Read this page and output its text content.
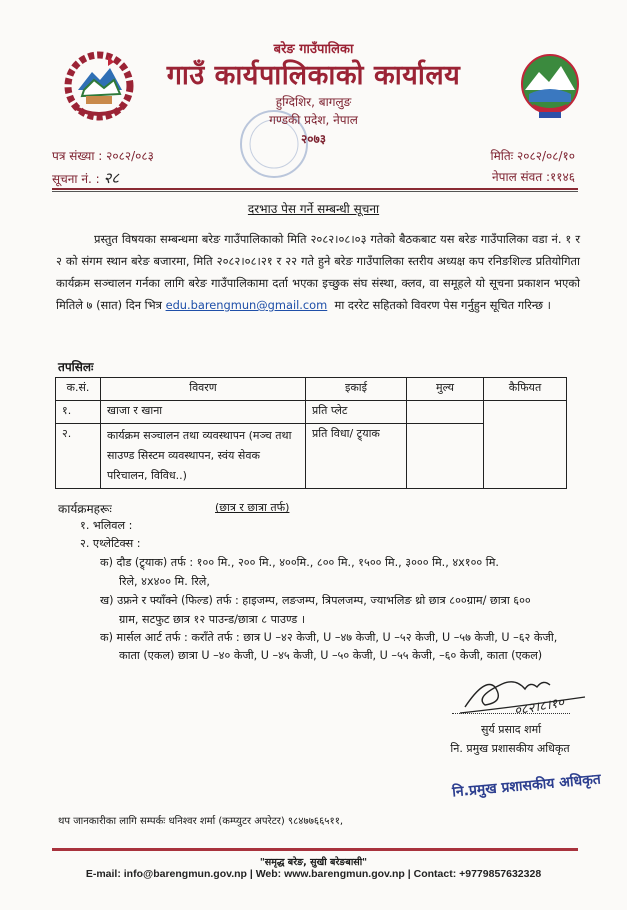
बरेङ गाउँपालिका
गाउँ कार्यपालिकाको कार्यालय
हुग्दिशिर, बागलुङ
गण्डकी प्रदेश, नेपाल
२०७३
पत्र संख्या : २०८२/०८३
सूचना नं. : २८
मितिः २०८२/०८/१०
नेपाल संवत :११४६
दरभाउ पेस गर्ने सम्बन्धी सूचना
प्रस्तुत विषयका सम्बन्धमा बरेङ गाउँपालिकाको मिति २०८२।०८।०३ गतेको बैठकबाट यस बरेङ गाउँपालिका वडा नं. १ र २ को संगम स्थान बरेङ बजारमा, मिति २०८२।०८।२१ र २२ गते हुने बरेङ गाउँपालिका स्तरीय अध्यक्ष कप रनिङशिल्ड प्रतियोगिता कार्यक्रम सञ्चालन गर्नका लागि बरेङ गाउँपालिकामा दर्ता भएका इच्छुक संघ संस्था, क्लव, वा समूहले यो सूचना प्रकाशन भएको मितिले ७ (सात) दिन भित्र edu.barengmun@gmail.com मा दररेट सहितको विवरण पेस गर्नुहुन सूचित गरिन्छ ।
तपसिलः
क.सं.	विवरण	इकाई	मुल्य	कैफियत
१.	खाजा र खाना	प्रति प्लेट		
२.	कार्यक्रम सञ्चालन तथा व्यवस्थापन (मञ्च तथा साउण्ड सिस्टम व्यवस्थापन, स्वंय सेवक परिचालन, विविध..)	प्रति विधा/ ट्र्याक		
कार्यक्रमहरूः	(छात्र र छात्रा तर्फ)
१. भलिवल :
२. एथ्लेटिक्स :
क) दौड (ट्र्याक) तर्फ : १०० मि., २०० मि., ४००मि., ८०० मि., १५०० मि., ३००० मि., ४x१०० मि.
रिले, ४x४०० मि. रिले,
ख) उफ्रने र फ्याँक्ने (फिल्ड) तर्फ : हाइजम्प, लङजम्प, त्रिपलजम्प, ज्याभलिङ थ्रो छात्र ८००ग्राम/ छात्रा ६००
ग्राम, सटफुट छात्र १२ पाउन्ड/छात्रा ८ पाउण्ड ।
क) मार्सल आर्ट तर्फ : कराँते तर्फ : छात्र U –४२ केजी, U –४७ केजी, U –५२ केजी, U –५७ केजी, U –६२ केजी,
काता (एकल) छात्रा U –४० केजी, U –४५ केजी, U –५० केजी, U –५५ केजी, –६० केजी, काता (एकल)
०८२।८।१०
सुर्य प्रसाद शर्मा
नि. प्रमुख प्रशासकीय अधिकृत
नि.प्रमुख प्रशासकीय अधिकृत
थप जानकारीका लागि सम्पर्कः धनिश्वर शर्मा (कम्प्युटर अपरेटर) ९८४७७६६५११,
"समृद्ध बरेङ, सुखी बरेङबासी"
E-mail: info@barengmun.gov.np | Web: www.barengmun.gov.np | Contact: +9779857632328
